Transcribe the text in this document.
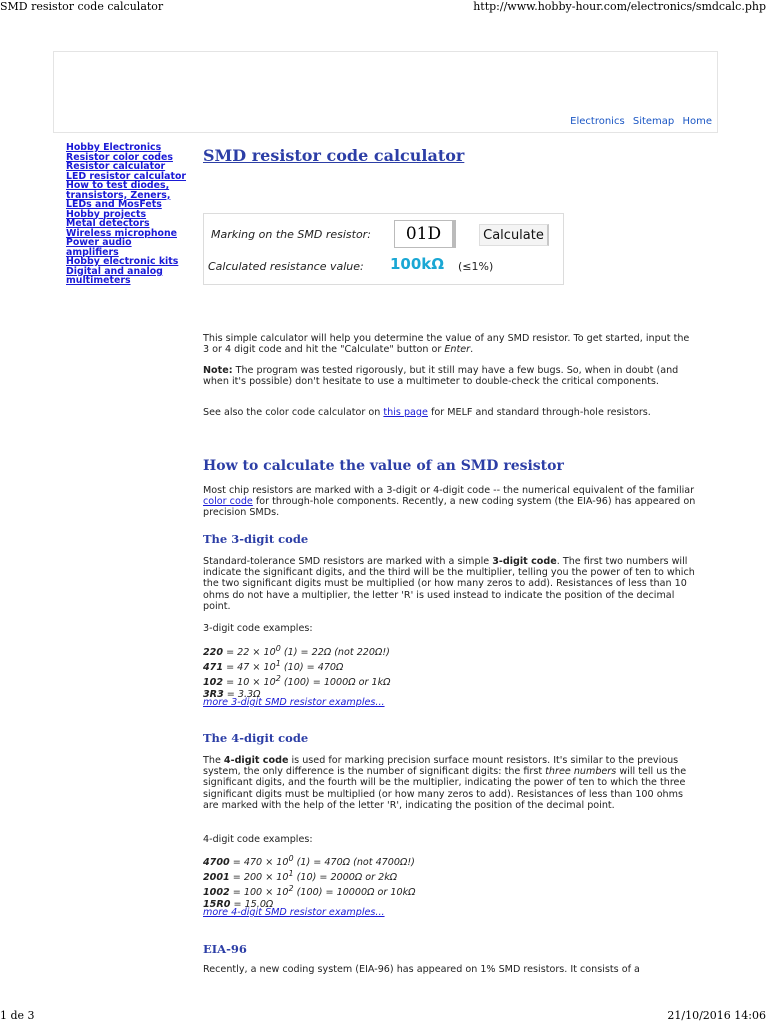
SMD resistor code calculator	http://www.hobby-hour.com/electronics/smdcalc.php
Electronics Sitemap Home
Hobby Electronics
Resistor color codes
Resistor calculator
LED resistor calculator
How to test diodes,
transistors, Zeners,
LEDs and MosFets
Hobby projects
Metal detectors
Wireless microphone
Power audio amplifiers
Hobby electronic kits
Digital and analog
multimeters
SMD resistor code calculator
Marking on the SMD resistor:	01D	Calculate
Calculated resistance value: 100kΩ (≤1%)

This simple calculator will help you determine the value of any SMD resistor. To get started, input the 3 or 4 digit code and hit the "Calculate" button or Enter.

Note: The program was tested rigorously, but it still may have a few bugs. So, when in doubt (and when it's possible) don't hesitate to use a multimeter to double-check the critical components.

See also the color code calculator on this page for MELF and standard through-hole resistors.

How to calculate the value of an SMD resistor

Most chip resistors are marked with a 3-digit or 4-digit code -- the numerical equivalent of the familiar color code for through-hole components. Recently, a new coding system (the EIA-96) has appeared on precision SMDs.

The 3-digit code

Standard-tolerance SMD resistors are marked with a simple 3-digit code. The first two numbers will indicate the significant digits, and the third will be the multiplier, telling you the power of ten to which the two significant digits must be multiplied (or how many zeros to add). Resistances of less than 10 ohms do not have a multiplier, the letter 'R' is used instead to indicate the position of the decimal point.

3-digit code examples:
$220 = 22 \times 10^0$ (1) = 22Ω (not 220Ω!)
$471 = 47 \times 10^1$ (10) = 470Ω
$102 = 10 \times 10^2$ (100) = 1000Ω or 1kΩ
3R3 = 3.3Ω
more 3-digit SMD resistor examples...
The 4-digit code

The 4-digit code is used for marking precision surface mount resistors. It's similar to the previous system, the only difference is the number of significant digits: the first three numbers will tell us the significant digits, and the fourth will be the multiplier, indicating the power of ten to which the three significant digits must be multiplied (or how many zeros to add). Resistances of less than 100 ohms are marked with the help of the letter 'R', indicating the position of the decimal point.

4-digit code examples:
$4700 = 470 \times 10^0$ (1) = 470Ω (not 4700Ω!)
$2001 = 200 \times 10^1$ (10) = 2000Ω or 2kΩ
$1002 = 100 \times 10^2$ (100) = 10000Ω or 10kΩ
15R0 = 15.0Ω
more 4-digit SMD resistor examples...
EIA-96
Recently, a new coding system (EIA-96) has appeared on 1% SMD resistors. It consists of a
1 de 3	21/10/2016 14:06
